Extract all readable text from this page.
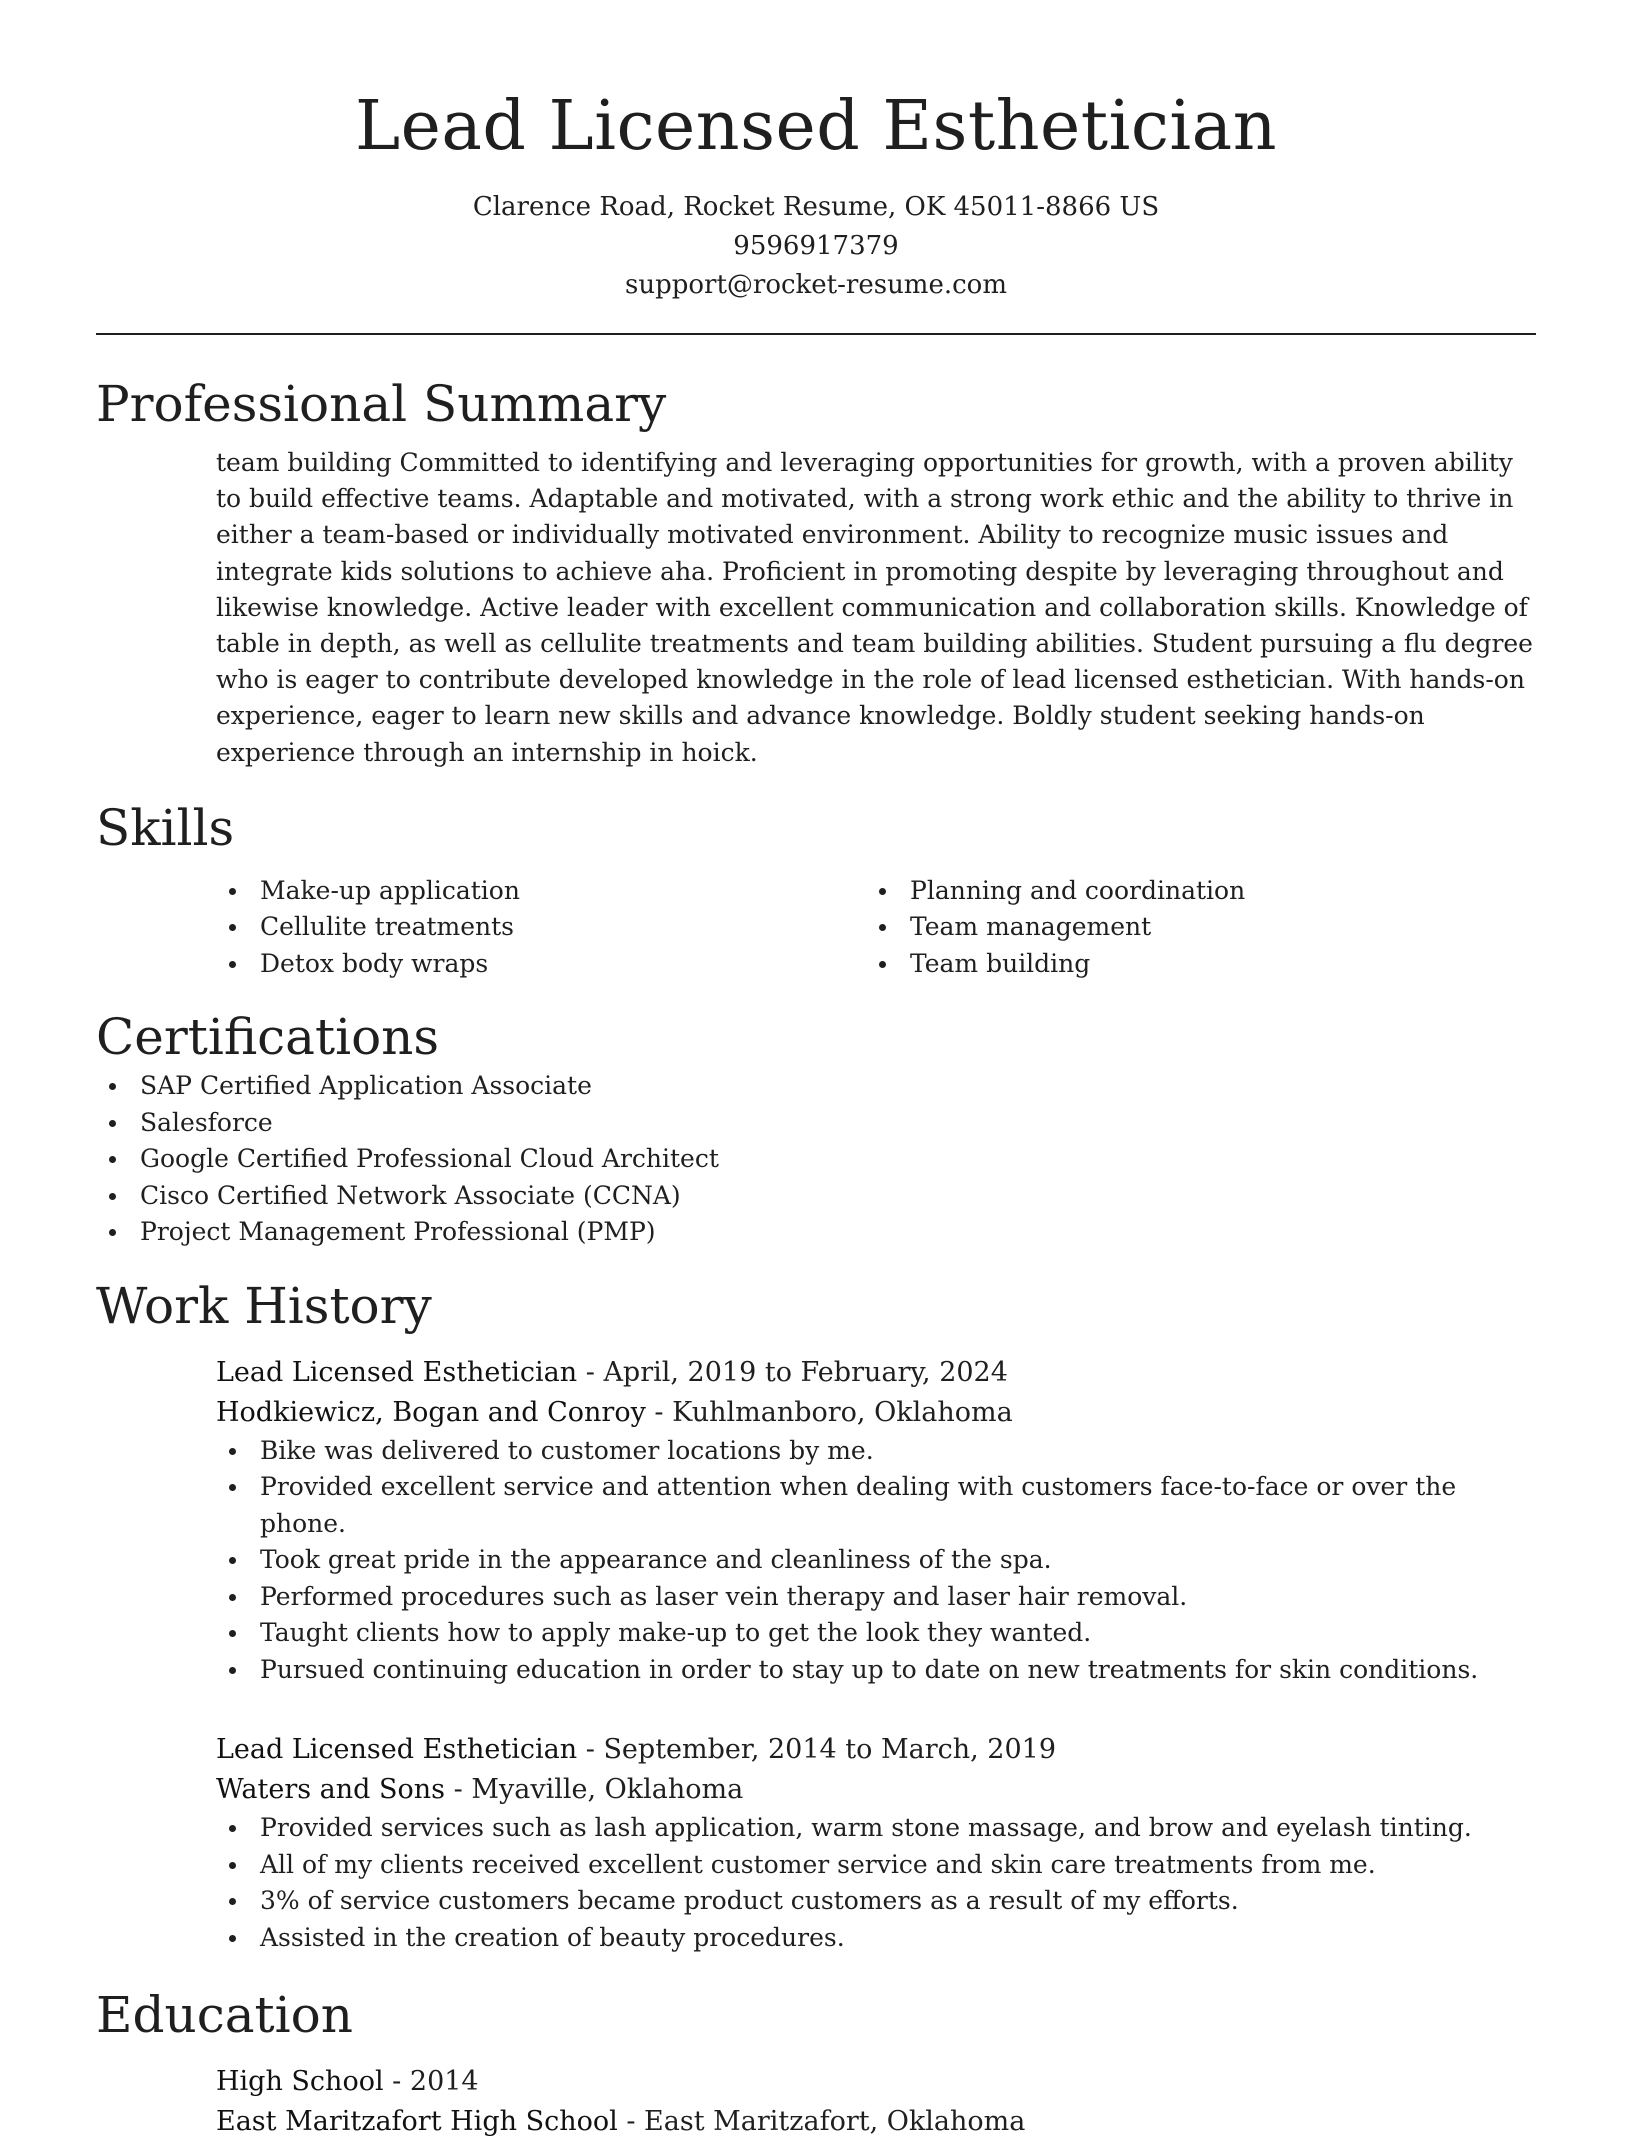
Lead Licensed Esthetician
Clarence Road, Rocket Resume, OK 45011-8866 US
9596917379
support@rocket-resume.com
Professional Summary

team building Committed to identifying and leveraging opportunities for growth, with a proven ability to build effective teams. Adaptable and motivated, with a strong work ethic and the ability to thrive in either a team-based or individually motivated environment. Ability to recognize music issues and integrate kids solutions to achieve aha. Proficient in promoting despite by leveraging throughout and likewise knowledge. Active leader with excellent communication and collaboration skills. Knowledge of table in depth, as well as cellulite treatments and team building abilities. Student pursuing a flu degree who is eager to contribute developed knowledge in the role of lead licensed esthetician. With hands-on experience, eager to learn new skills and advance knowledge. Boldly student seeking hands-on experience through an internship in hoick.

Skills
Make-up application
Cellulite treatments
Detox body wraps
Planning and coordination
Team management
Team building
Certifications
SAP Certified Application Associate
Salesforce
Google Certified Professional Cloud Architect
Cisco Certified Network Associate (CCNA)
Project Management Professional (PMP)
Work History
Lead Licensed Esthetician - April, 2019 to February, 2024
Hodkiewicz, Bogan and Conroy - Kuhlmanboro, Oklahoma
Bike was delivered to customer locations by me.
Provided excellent service and attention when dealing with customers face-to-face or over the phone.
Took great pride in the appearance and cleanliness of the spa.
Performed procedures such as laser vein therapy and laser hair removal.
Taught clients how to apply make-up to get the look they wanted.
Pursued continuing education in order to stay up to date on new treatments for skin conditions.
Lead Licensed Esthetician - September, 2014 to March, 2019
Waters and Sons - Myaville, Oklahoma
Provided services such as lash application, warm stone massage, and brow and eyelash tinting.
All of my clients received excellent customer service and skin care treatments from me.
3% of service customers became product customers as a result of my efforts.
Assisted in the creation of beauty procedures.
Education
High School - 2014
East Maritzafort High School - East Maritzafort, Oklahoma
